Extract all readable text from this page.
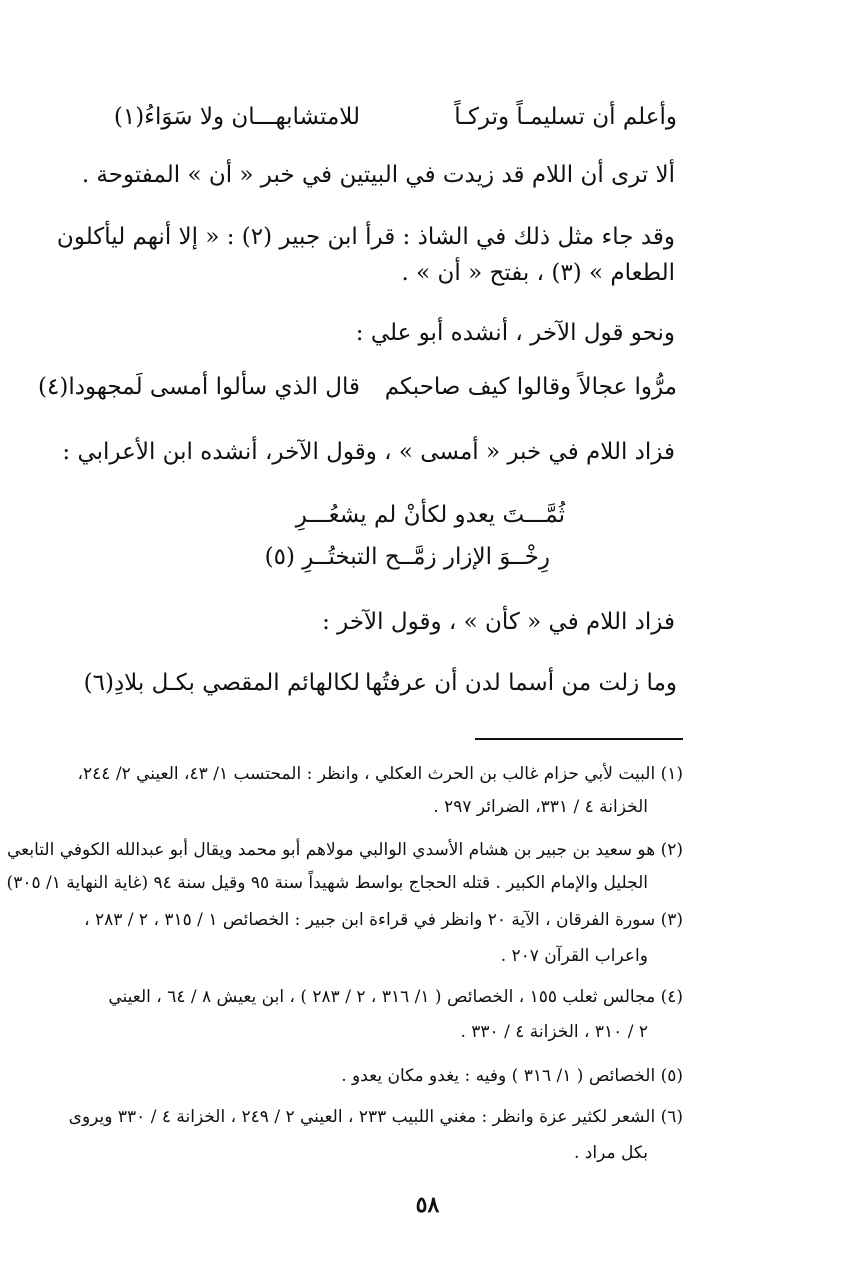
وأعلم أن تسليمـاً وتركـاً
للامتشابهـــان ولا سَوَاءُ(١)
ألا ترى أن اللام قد زيدت في البيتين في خبر « أن » المفتوحة .
وقد جاء مثل ذلك في الشاذ : قرأ ابن جبير (٢) : « إلا أنهم ليأكلون
الطعام » (٣) ، بفتح « أن » .
ونحو قول الآخر ، أنشده أبو علي :
مرُّوا عجالاً وقالوا كيف صاحبكم
قال الذي سألوا أمسى لَمجهودا(٤)
فزاد اللام في خبر « أمسى » ، وقول الآخر، أنشده ابن الأعرابي :
ثُمَّـــتَ يعدو لكأنْ لم يشعُـــرِ
رِخْــوَ الإزار زمَّــح التبختُــرِ (٥)
فزاد اللام في « كأن » ، وقول الآخر :
وما زلت من أسما لدن أن عرفتُها
لكالهائم المقصي بكـل بلادِ(٦)
(١) البيت لأبي حزام غالب بن الحرث العكلي ، وانظر : المحتسب ١/ ٤٣، العيني ٢/ ٢٤٤،
الخزانة ٤ / ٣٣١، الضرائر ٢٩٧ .
(٢) هو سعيد بن جبير بن هشام الأسدي الوالبي مولاهم أبو محمد ويقال أبو عبدالله الكوفي التابعي
الجليل والإمام الكبير . قتله الحجاج بواسط شهيداً سنة ٩٥ وقيل سنة ٩٤ (غاية النهاية ١/ ٣٠٥)
(٣) سورة الفرقان ، الآية ٢٠ وانظر في قراءة ابن جبير : الخصائص ١ / ٣١٥ ، ٢ / ٢٨٣ ،
واعراب القرآن ٢٠٧ .
(٤) مجالس ثعلب ١٥٥ ، الخصائص ( ١/ ٣١٦ ، ٢ / ٢٨٣ ) ، ابن يعيش ٨ / ٦٤ ، العيني
٢ / ٣١٠ ، الخزانة ٤ / ٣٣٠ .
(٥) الخصائص ( ١/ ٣١٦ ) وفيه : يغدو مكان يعدو .
(٦) الشعر لكثير عزة وانظر : مغني اللبيب ٢٣٣ ، العيني ٢ / ٢٤٩ ، الخزانة ٤ / ٣٣٠ ويروى
بكل مراد .
٥٨
